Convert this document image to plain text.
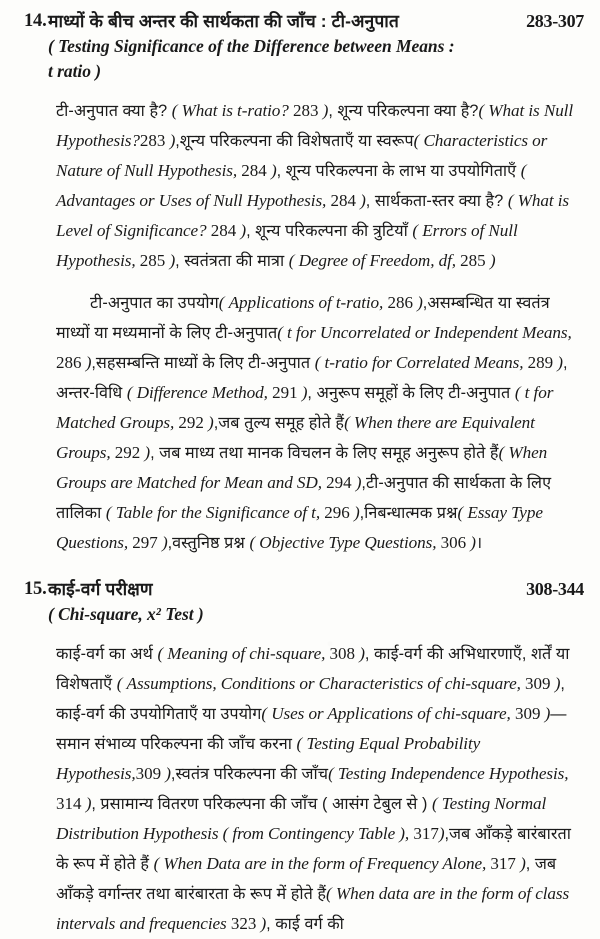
14. माध्यों के बीच अन्तर की सार्थकता की जाँच : टी-अनुपात
( Testing Significance of the Difference between Means :
t ratio )
283-307

टी-अनुपात क्या है? ( What is t-ratio? 283 ), शून्य परिकल्पना क्या है?( What is Null Hypothesis?283 ),शून्य परिकल्पना की विशेषताएँ या स्वरूप( Characteristics or Nature of Null Hypothesis, 284 ), शून्य परिकल्पना के लाभ या उपयोगिताएँ ( Advantages or Uses of Null Hypothesis, 284 ), सार्थकता-स्तर क्या है? ( What is Level of Significance? 284 ), शून्य परिकल्पना की त्रुटियाँ ( Errors of Null Hypothesis, 285 ), स्वतंत्रता की मात्रा ( Degree of Freedom, df, 285 )

टी-अनुपात का उपयोग( Applications of t-ratio, 286 ),असम्बन्धित या स्वतंत्र माध्यों या मध्यमानों के लिए टी-अनुपात( t for Uncorrelated or Independent Means, 286 ),सहसम्बन्ति माध्यों के लिए टी-अनुपात ( t-ratio for Correlated Means, 289 ), अन्तर-विधि ( Difference Method, 291 ), अनुरूप समूहों के लिए टी-अनुपात ( t for Matched Groups, 292 ),जब तुल्य समूह होते हैं( When there are Equivalent Groups, 292 ), जब माध्य तथा मानक विचलन के लिए समूह अनुरूप होते हैं( When Groups are Matched for Mean and SD, 294 ),टी-अनुपात की सार्थकता के लिए तालिका ( Table for the Significance of t, 296 ),निबन्धात्मक प्रश्न( Essay Type Questions, 297 ),वस्तुनिष्ठ प्रश्न ( Objective Type Questions, 306 )।

15. काई-वर्ग परीक्षण
( Chi-square, x² Test )
308-344

काई-वर्ग का अर्थ ( Meaning of chi-square, 308 ), काई-वर्ग की अभिधारणाएँ, शर्तें या विशेषताएँ ( Assumptions, Conditions or Characteristics of chi-square, 309 ), काई-वर्ग की उपयोगिताएँ या उपयोग( Uses or Applications of chi-square, 309 )—समान संभाव्य परिकल्पना की जाँच करना ( Testing Equal Probability Hypothesis,309 ),स्वतंत्र परिकल्पना की जाँच( Testing Independence Hypothesis, 314 ), प्रसामान्य वितरण परिकल्पना की जाँच ( आसंग टेबुल से ) ( Testing Normal Distribution Hypothesis ( from Contingency Table ), 317),जब आँकड़े बारंबारता के रूप में होते हैं ( When Data are in the form of Frequency Alone, 317 ), जब आँकड़े वर्गान्तर तथा बारंबारता के रूप में होते हैं( When data are in the form of class intervals and frequencies 323 ), काई वर्ग की
